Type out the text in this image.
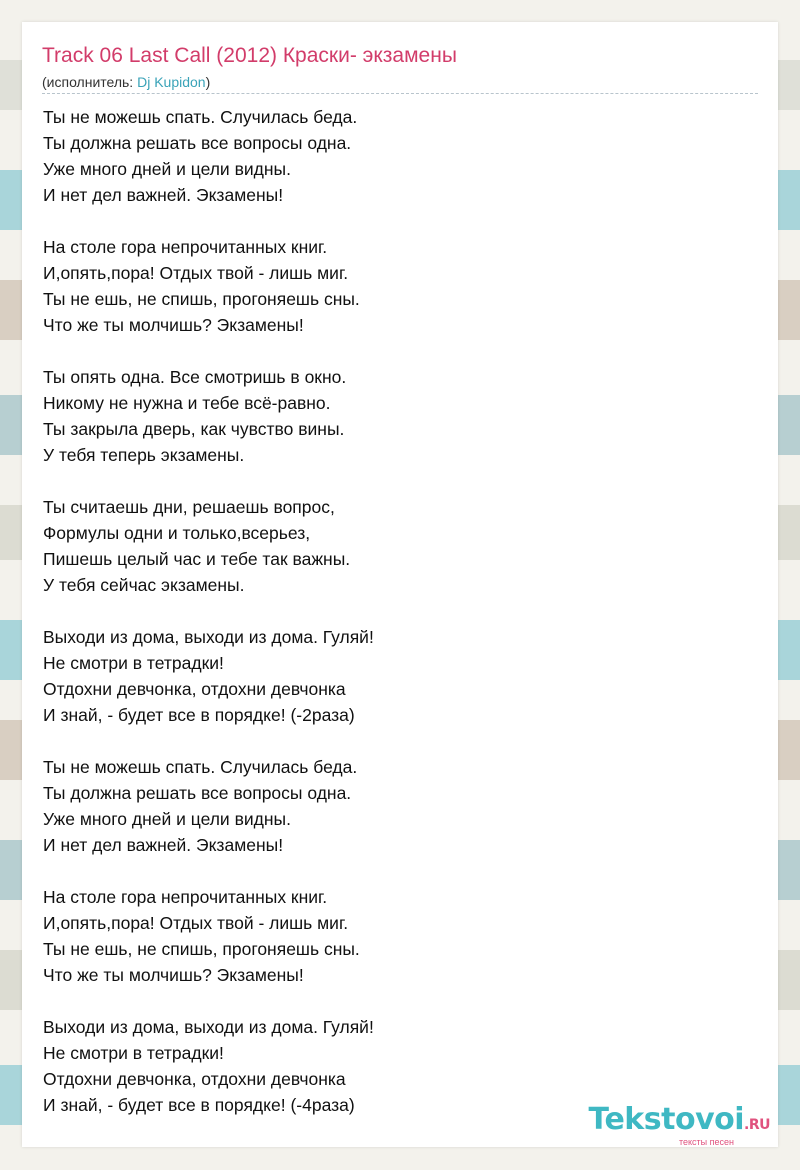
Track 06 Last Call (2012) Краски- экзамены
(исполнитель: Dj Kupidon)
Ты не можешь спать. Случилась беда.
Ты должна решать все вопросы одна.
Уже много дней и цели видны.
И нет дел важней. Экзамены!
На столе гора непрочитанных книг.
И,опять,пора! Отдых твой - лишь миг.
Ты не ешь, не спишь, прогоняешь сны.
Что же ты молчишь? Экзамены!
Ты опять одна. Все смотришь в окно.
Никому не нужна и тебе всё-равно.
Ты закрыла дверь, как чувство вины.
У тебя теперь экзамены.
Ты считаешь дни, решаешь вопрос,
Формулы одни и только,всерьез,
Пишешь целый час и тебе так важны.
У тебя сейчас экзамены.
Выходи из дома, выходи из дома. Гуляй!
Не смотри в тетрадки!
Отдохни девчонка, отдохни девчонка
И знай, - будет все в порядке! (-2раза)
Ты не можешь спать. Случилась беда.
Ты должна решать все вопросы одна.
Уже много дней и цели видны.
И нет дел важней. Экзамены!
На столе гора непрочитанных книг.
И,опять,пора! Отдых твой - лишь миг.
Ты не ешь, не спишь, прогоняешь сны.
Что же ты молчишь? Экзамены!
Выходи из дома, выходи из дома. Гуляй!
Не смотри в тетрадки!
Отдохни девчонка, отдохни девчонка
И знай, - будет все в порядке! (-4раза)	Tekstovoi.RU
тексты песен
